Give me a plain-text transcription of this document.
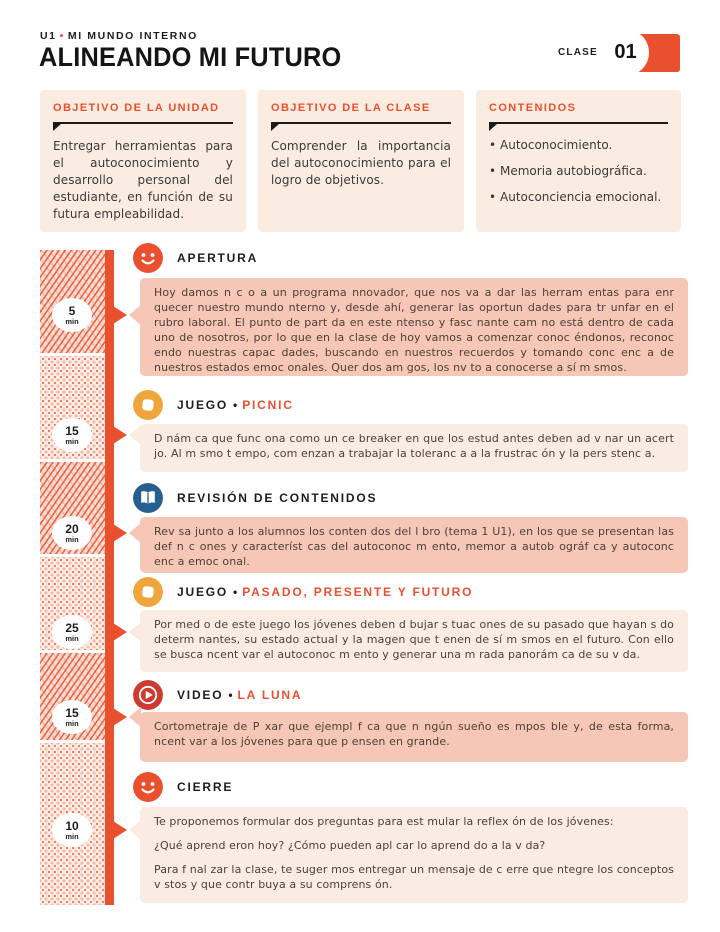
U1 • MI MUNDO INTERNO
ALINEANDO MI FUTURO	CLASE 01
OBJETIVO DE LA UNIDAD
Entregar herramientas para el autoconocimiento y desarrollo personal del estudiante, en función de su futura empleabilidad.
OBJETIVO DE LA CLASE
Comprender la importancia del autoconocimiento para el logro de objetivos.
CONTENIDOS
• Autoconocimiento.
• Memoria autobiográfica.
• Autoconciencia emocional.
5
min
15
min
20
min
25
min
15
min
10
min
APERTURA

Hoy damos n c o a un programa nnovador, que nos va a dar las herram entas para enr quecer nuestro mundo nterno y, desde ahí, generar las oportun dades para tr unfar en el rubro laboral. El punto de part da en este ntenso y fasc nante cam no está dentro de cada uno de nosotros, por lo que en la clase de hoy vamos a comenzar conoc éndonos, reconoc endo nuestras capac dades, buscando en nuestros recuerdos y tomando conc enc a de nuestros estados emoc onales. Quer dos am gos, los nv to a conocerse a sí m smos.

JUEGO • PICNIC

D nám ca que func ona como un ce breaker en que los estud antes deben ad v nar un acert jo. Al m smo t empo, com enzan a trabajar la toleranc a a la frustrac ón y la pers stenc a.

REVISIÓN DE CONTENIDOS

Rev sa junto a los alumnos los conten dos del l bro (tema 1 U1), en los que se presentan las def n c ones y característ cas del autoconoc m ento, memor a autob ográf ca y autoconc enc a emoc onal.

JUEGO • PASADO, PRESENTE Y FUTURO

Por med o de este juego los jóvenes deben d bujar s tuac ones de su pasado que hayan s do determ nantes, su estado actual y la magen que t enen de sí m smos en el futuro. Con ello se busca ncent var el autoconoc m ento y generar una m rada panorám ca de su v da.

VIDEO • LA LUNA

Cortometraje de P xar que ejempl f ca que n ngún sueño es mpos ble y, de esta forma, ncent var a los jóvenes para que p ensen en grande.

CIERRE

Te proponemos formular dos preguntas para est mular la reflex ón de los jóvenes:

¿Qué aprend eron hoy? ¿Cómo pueden apl car lo aprend do a la v da?

Para f nal zar la clase, te suger mos entregar un mensaje de c erre que ntegre los conceptos v stos y que contr buya a su comprens ón.
